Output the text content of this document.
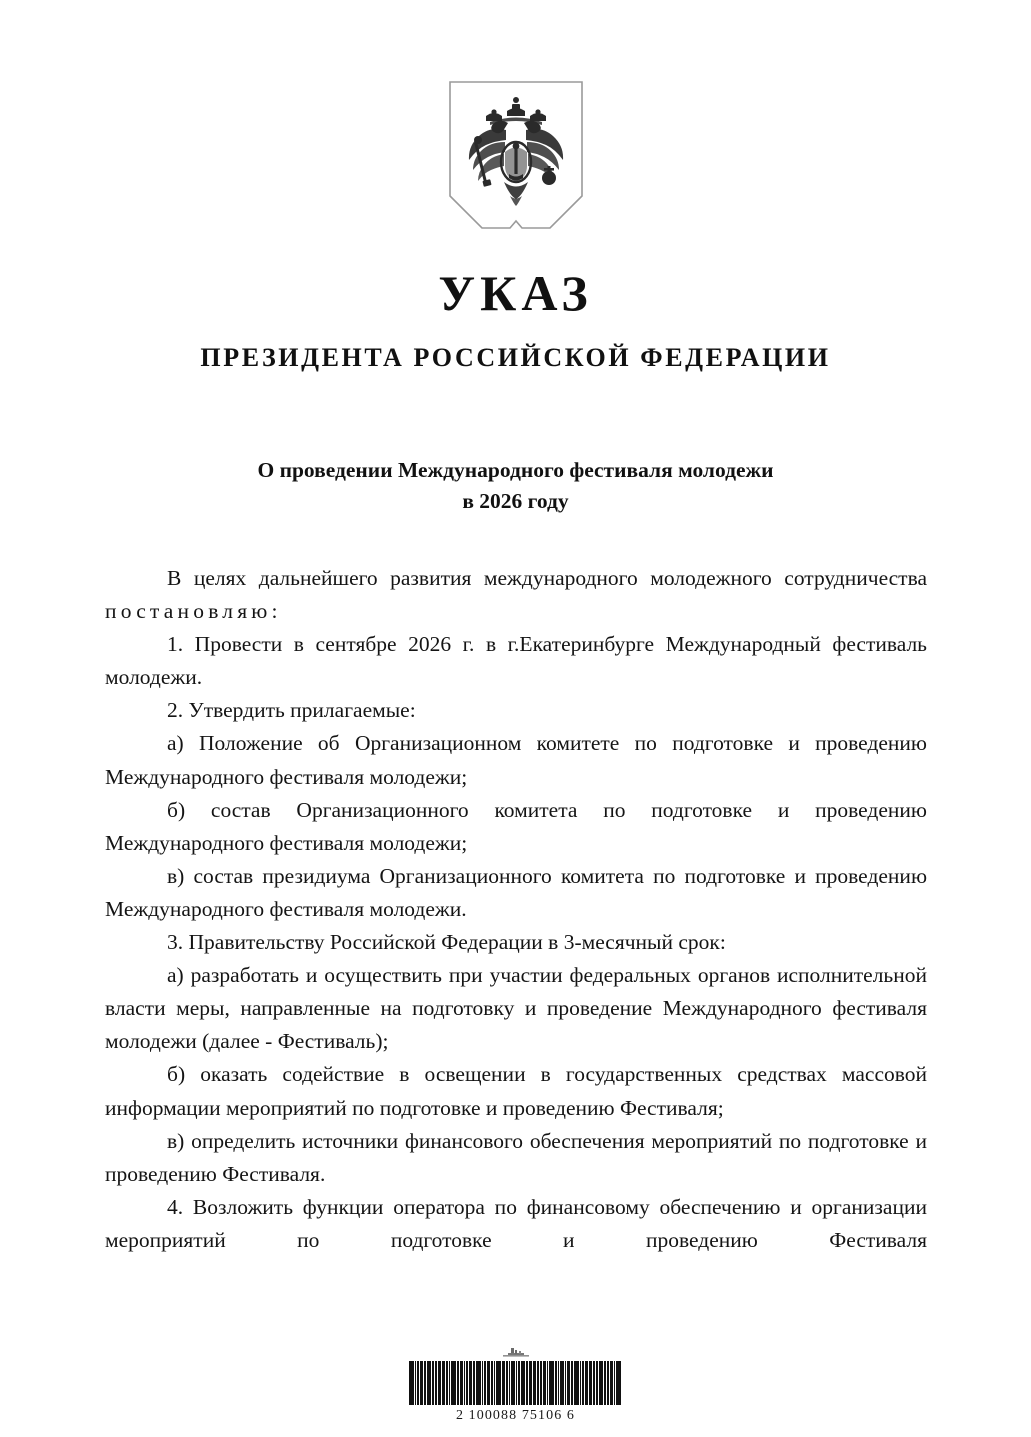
УКАЗ
ПРЕЗИДЕНТА РОССИЙСКОЙ ФЕДЕРАЦИИ
О проведении Международного фестиваля молодежи
в 2026 году

В целях дальнейшего развития международного молодежного сотрудничества постановляю:

1. Провести в сентябре 2026 г. в г.Екатеринбурге Международный фестиваль молодежи.

2. Утвердить прилагаемые:

а) Положение об Организационном комитете по подготовке и проведению Международного фестиваля молодежи;

б) состав Организационного комитета по подготовке и проведению Международного фестиваля молодежи;

в) состав президиума Организационного комитета по подготовке и проведению Международного фестиваля молодежи.

3. Правительству Российской Федерации в 3-месячный срок:

а) разработать и осуществить при участии федеральных органов исполнительной власти меры, направленные на подготовку и проведение Международного фестиваля молодежи (далее - Фестиваль);

б) оказать содействие в освещении в государственных средствах массовой информации мероприятий по подготовке и проведению Фестиваля;

в) определить источники финансового обеспечения мероприятий по подготовке и проведению Фестиваля.

4. Возложить функции оператора по финансовому обеспечению и организации мероприятий по подготовке и проведению Фестиваля

2 100088 75106 6
